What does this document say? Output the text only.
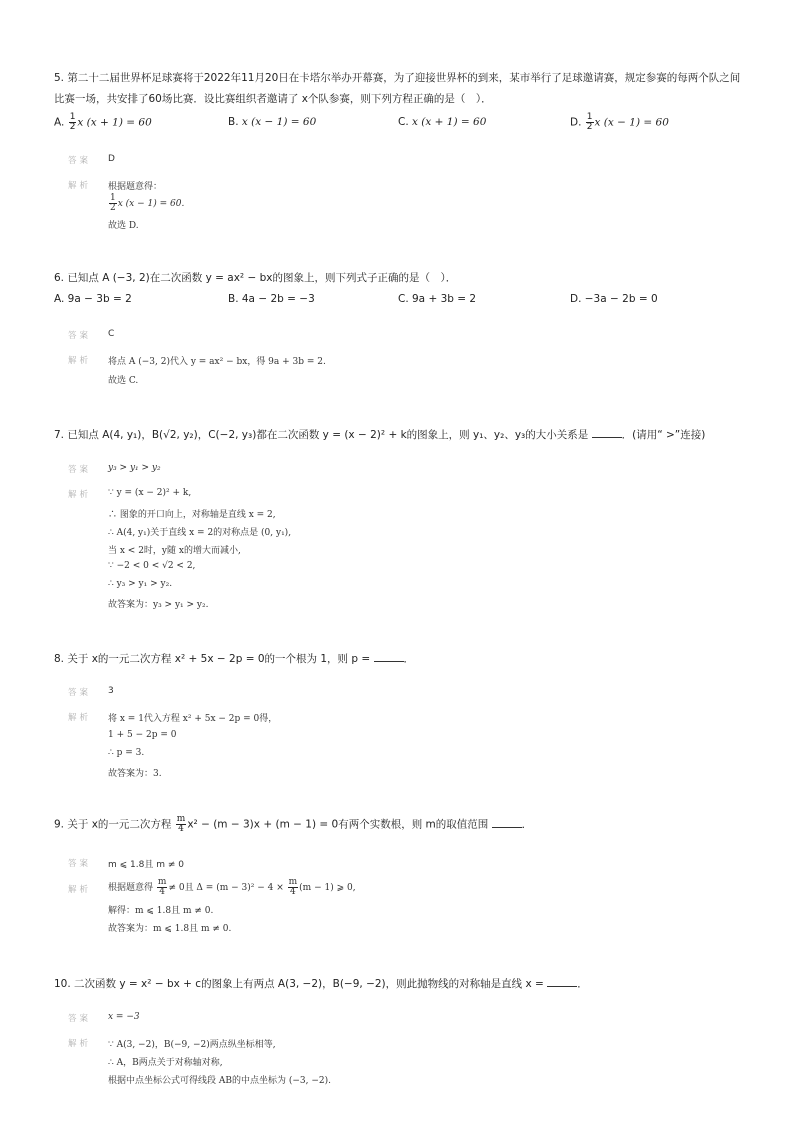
5. 第二十二届世界杯足球赛将于2022年11月20日在卡塔尔举办开幕赛，为了迎接世界杯的到来，某市举行了足球邀请赛，规定参赛的每两个队之间
比赛一场，共安排了60场比赛．设比赛组织者邀请了 x个队参赛，则下列方程正确的是（　）．
A. $\frac{1}{2}$ x (x + 1) = 60	B. x (x − 1) = 60	C. x (x + 1) = 60	D. $\frac{1}{2}$ x (x − 1) = 60
答案 D
解析 根据题意得：
$\frac{1}{2}$ x (x − 1) = 60.
故选 D.
6. 已知点 A (−3, 2)在二次函数 y = ax² − bx的图象上，则下列式子正确的是（　）．
A. 9a − 3b = 2	B. 4a − 2b = −3	C. 9a + 3b = 2	D. −3a − 2b = 0
答案 C
解析 将点 A (−3, 2)代入 y = ax² − bx，得 9a + 3b = 2.
故选 C.
7. 已知点 A(4, y₁)，B(√2, y₂)，C(−2, y₃)都在二次函数 y = (x − 2)² + k的图象上，则 y₁、y₂、y₃的大小关系是	．(请用“ >”连接)
答案 y₃ > y₁ > y₂
解析 ∵ y = (x − 2)² + k,
∴ 图象的开口向上，对称轴是直线 x = 2,
∴ A(4, y₁)关于直线 x = 2的对称点是 (0, y₁),
当 x < 2时，y随 x的增大而减小,
∵ −2 < 0 < √2 < 2,
∴ y₃ > y₁ > y₂.
故答案为：y₃ > y₁ > y₂.
8. 关于 x的一元二次方程 x² + 5x − 2p = 0的一个根为 1，则 p =	．
答案 3
解析 将 x = 1代入方程 x² + 5x − 2p = 0得，
1 + 5 − 2p = 0
∴ p = 3.
故答案为：3.
9. 关于 x的一元二次方程 $\frac{m}{4} x^2 - (m - 3)x + (m - 1) = 0$有两个实数根，则 m的取值范围	．
答案 m ⩽ 1.8且 m ≠ 0
解析 根据题意得 $\frac{m}{4} \ne 0$且 $\Delta = (m - 3)^2 - 4 \times \frac{m}{4} (m - 1)$ ⩾ 0,
解得：m ⩽ 1.8且 m ≠ 0.
故答案为：m ⩽ 1.8且 m ≠ 0.
10. 二次函数 y = x² − bx + c的图象上有两点 A(3, −2)，B(−9, −2)，则此抛物线的对称轴是直线 x =	．
答案 x = −3
解析 ∵ A(3, −2)，B(−9, −2)两点纵坐标相等,
∴ A，B两点关于对称轴对称,
根据中点坐标公式可得线段 AB的中点坐标为 (−3, −2).
